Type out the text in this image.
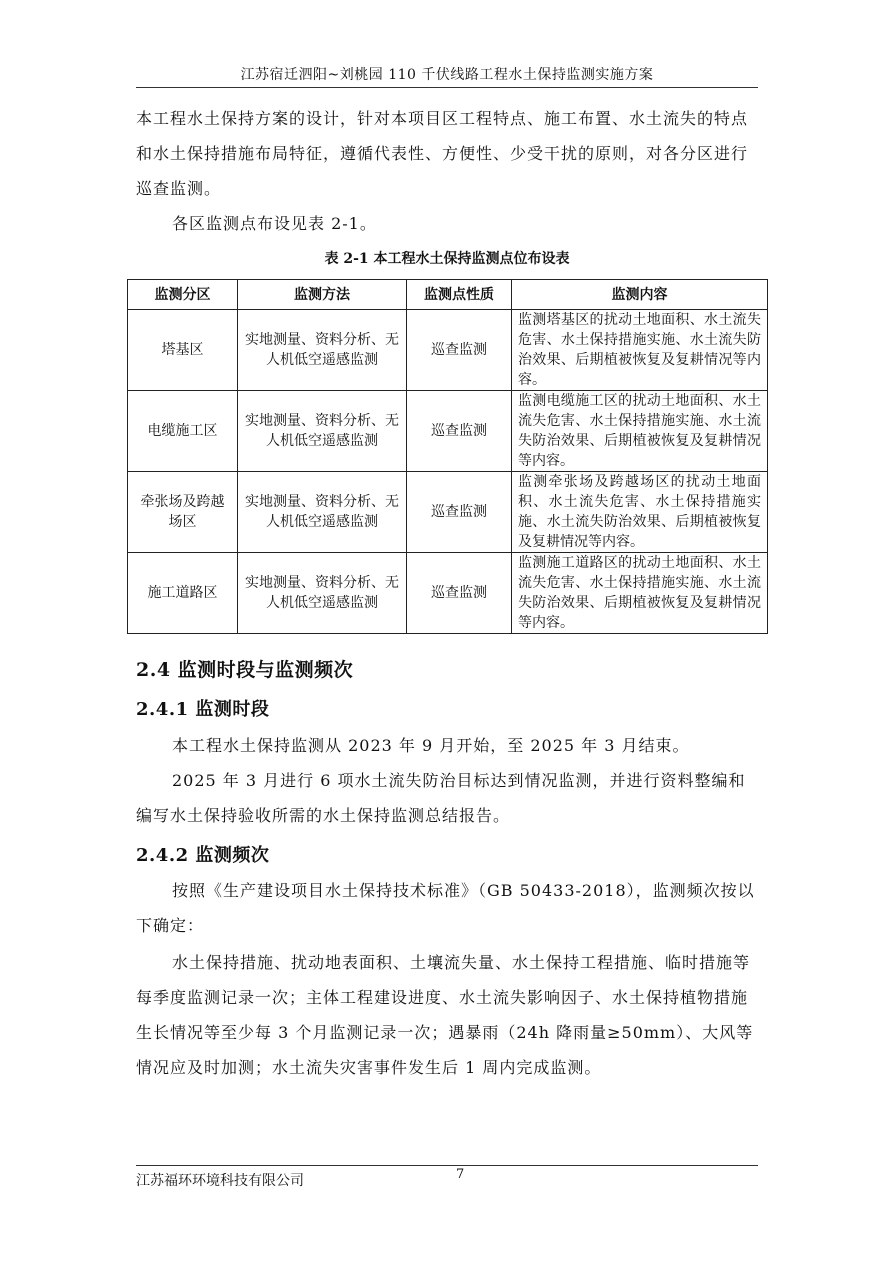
江苏宿迁泗阳~刘桃园 110 千伏线路工程水土保持监测实施方案
本工程水土保持方案的设计，针对本项目区工程特点、施工布置、水土流失的特点和水土保持措施布局特征，遵循代表性、方便性、少受干扰的原则，对各分区进行巡查监测。
各区监测点布设见表 2-1。
表 2-1 本工程水土保持监测点位布设表
监测分区	监测方法	监测点性质	监测内容
塔基区	实地测量、资料分析、无人机低空遥感监测	巡查监测	监测塔基区的扰动土地面积、水土流失危害、水土保持措施实施、水土流失防治效果、后期植被恢复及复耕情况等内容。
电缆施工区	实地测量、资料分析、无人机低空遥感监测	巡查监测	监测电缆施工区的扰动土地面积、水土流失危害、水土保持措施实施、水土流失防治效果、后期植被恢复及复耕情况等内容。
牵张场及跨越场区	实地测量、资料分析、无人机低空遥感监测	巡查监测	监测牵张场及跨越场区的扰动土地面积、水土流失危害、水土保持措施实施、水土流失防治效果、后期植被恢复及复耕情况等内容。
施工道路区	实地测量、资料分析、无人机低空遥感监测	巡查监测	监测施工道路区的扰动土地面积、水土流失危害、水土保持措施实施、水土流失防治效果、后期植被恢复及复耕情况等内容。
2.4 监测时段与监测频次
2.4.1 监测时段
本工程水土保持监测从 2023 年 9 月开始，至 2025 年 3 月结束。
2025 年 3 月进行 6 项水土流失防治目标达到情况监测，并进行资料整编和编写水土保持验收所需的水土保持监测总结报告。
2.4.2 监测频次
按照《生产建设项目水土保持技术标准》（GB 50433-2018），监测频次按以下确定：
水土保持措施、扰动地表面积、土壤流失量、水土保持工程措施、临时措施等每季度监测记录一次；主体工程建设进度、水土流失影响因子、水土保持植物措施生长情况等至少每 3 个月监测记录一次；遇暴雨（24h 降雨量≥50mm）、大风等情况应及时加测；水土流失灾害事件发生后 1 周内完成监测。
江苏福环环境科技有限公司	7
